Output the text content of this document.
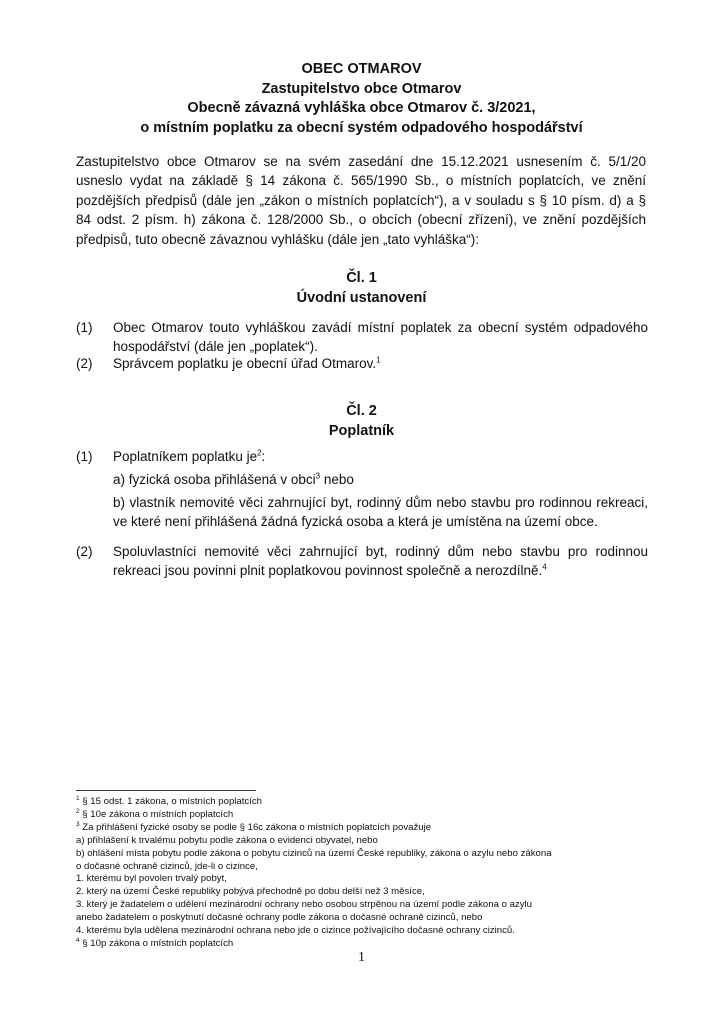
OBEC OTMAROV
Zastupitelstvo obce Otmarov
Obecně závazná vyhláška obce Otmarov č. 3/2021,
o místním poplatku za obecní systém odpadového hospodářství

Zastupitelstvo obce Otmarov se na svém zasedání dne 15.12.2021 usnesením č. 5/1/20 usneslo vydat na základě § 14 zákona č. 565/1990 Sb., o místních poplatcích, ve znění pozdějších předpisů (dále jen „zákon o místních poplatcích“), a v souladu s § 10 písm. d) a § 84 odst. 2 písm. h) zákona č. 128/2000 Sb., o obcích (obecní zřízení), ve znění pozdějších předpisů, tuto obecně závaznou vyhlášku (dále jen „tato vyhláška“):

Čl. 1
Úvodní ustanovení
(1)	Obec Otmarov touto vyhláškou zavádí místní poplatek za obecní systém odpadového hospodářství (dále jen „poplatek“).
(2)	Správcem poplatku je obecní úřad Otmarov.$^1$
Čl. 2
Poplatník
(1)	Poplatníkem poplatku $je^2$:
a) fyzická osoba přihlášená v obci$^3$ nebo
b) vlastník nemovité věci zahrnující byt, rodinný dům nebo stavbu pro rodinnou rekreaci, ve které není přihlášená žádná fyzická osoba a která je umístěna na území obce.
(2)	Spoluvlastníci nemovité věci zahrnující byt, rodinný dům nebo stavbu pro rodinnou rekreaci jsou povinni plnit poplatkovou povinnost společně a nerozdílně.$^4$
$^1$ § 15 odst. 1 zákona, o místních poplatcích
$^2$ § 10e zákona o místních poplatcích
$^3$ Za přihlášení fyzické osoby se podle § 16c zákona o místních poplatcích považuje
a) přihlášení k trvalému pobytu podle zákona o evidenci obyvatel, nebo
b) ohlášení místa pobytu podle zákona o pobytu cizinců na území České republiky, zákona o azylu nebo zákona
o dočasné ochraně cizinců, jde-li o cizince,
1. kterému byl povolen trvalý pobyt,
2. který na území České republiky pobývá přechodně po dobu delší než 3 měsíce,
3. který je žadatelem o udělení mezinárodní ochrany nebo osobou strpěnou na území podle zákona o azylu
anebo žadatelem o poskytnutí dočasné ochrany podle zákona o dočasné ochraně cizinců, nebo
4. kterému byla udělena mezinárodní ochrana nebo jde o cizince požívajícího dočasné ochrany cizinců.
$^4$ § 10p zákona o místních poplatcích
1
